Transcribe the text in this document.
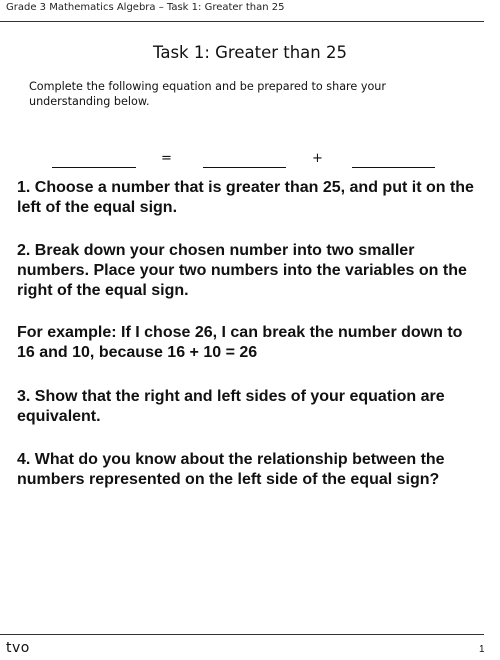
Grade 3 Mathematics Algebra – Task 1: Greater than 25
Task 1: Greater than 25
Complete the following equation and be prepared to share your understanding below.
=	+
1. Choose a number that is greater than 25, and put it on the left of the equal sign.
2. Break down your chosen number into two smaller numbers. Place your two numbers into the variables on the right of the equal sign.
For example: If I chose 26, I can break the number down to 16 and 10, because 16 + 10 = 26
3. Show that the right and left sides of your equation are equivalent.
4. What do you know about the relationship between the numbers represented on the left side of the equal sign?
tvo	1
